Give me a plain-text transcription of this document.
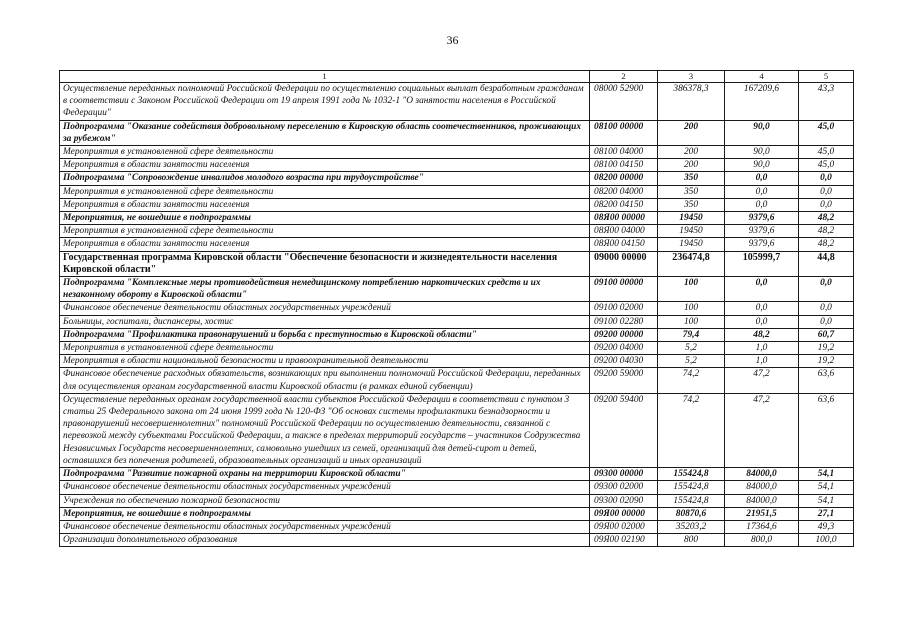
36
1	2	3	4	5
Осуществление переданных полномочий Российской Федерации по осуществлению социальных выплат безработным гражданам в соответствии с Законом Российской Федерации от 19 апреля 1991 года № 1032-1 "О занятости населения в Российской Федерации"	08000 52900	386378,3	167209,6	43,3
Подпрограмма "Оказание содействия добровольному переселению в Кировскую область соотечественников, проживающих за рубежом"	08100 00000	200	90,0	45,0
Мероприятия в установленной сфере деятельности	08100 04000	200	90,0	45,0
Мероприятия в области занятости населения	08100 04150	200	90,0	45,0
Подпрограмма "Сопровождение инвалидов молодого возраста при трудоустройстве"	08200 00000	350	0,0	0,0
Мероприятия в установленной сфере деятельности	08200 04000	350	0,0	0,0
Мероприятия в области занятости населения	08200 04150	350	0,0	0,0
Мероприятия, не вошедшие в подпрограммы	08Я00 00000	19450	9379,6	48,2
Мероприятия в установленной сфере деятельности	08Я00 04000	19450	9379,6	48,2
Мероприятия в области занятости населения	08Я00 04150	19450	9379,6	48,2
Государственная программа Кировской области "Обеспечение безопасности и жизнедеятельности населения Кировской области"	09000 00000	236474,8	105999,7	44,8
Подпрограмма "Комплексные меры противодействия немедицинскому потреблению наркотических средств и их незаконному обороту в Кировской области"	09100 00000	100	0,0	0,0
Финансовое обеспечение деятельности областных государственных учреждений	09100 02000	100	0,0	0,0
Больницы, госпитали, диспансеры, хостис	09100 02280	100	0,0	0,0
Подпрограмма "Профилактика правонарушений и борьба с преступностью в Кировской области"	09200 00000	79,4	48,2	60,7
Мероприятия в установленной сфере деятельности	09200 04000	5,2	1,0	19,2
Мероприятия в области национальной безопасности и правоохранительной деятельности	09200 04030	5,2	1,0	19,2
Финансовое обеспечение расходных обязательств, возникающих при выполнении полномочий Российской Федерации, переданных для осуществления органам государственной власти Кировской области (в рамках единой субвенции)	09200 59000	74,2	47,2	63,6
Осуществление переданных органам государственной власти субъектов Российской Федерации в соответствии с пунктом 3 статьи 25 Федерального закона от 24 июня 1999 года № 120-ФЗ "Об основах системы профилактики безнадзорности и правонарушений несовершеннолетних" полномочий Российской Федерации по осуществлению деятельности, связанной с перевозкой между субъектами Российской Федерации, а также в пределах территорий государств – участников Содружества Независимых Государств несовершеннолетних, самовольно ушедших из семей, организаций для детей-сирот и детей, оставшихся без попечения родителей, образовательных организаций и иных организаций	09200 59400	74,2	47,2	63,6
Подпрограмма "Развитие пожарной охраны на территории Кировской области"	09300 00000	155424,8	84000,0	54,1
Финансовое обеспечение деятельности областных государственных учреждений	09300 02000	155424,8	84000,0	54,1
Учреждения по обеспечению пожарной безопасности	09300 02090	155424,8	84000,0	54,1
Мероприятия, не вошедшие в подпрограммы	09Я00 00000	80870,6	21951,5	27,1
Финансовое обеспечение деятельности областных государственных учреждений	09Я00 02000	35203,2	17364,6	49,3
Организации дополнительного образования	09Я00 02190	800	800,0	100,0
